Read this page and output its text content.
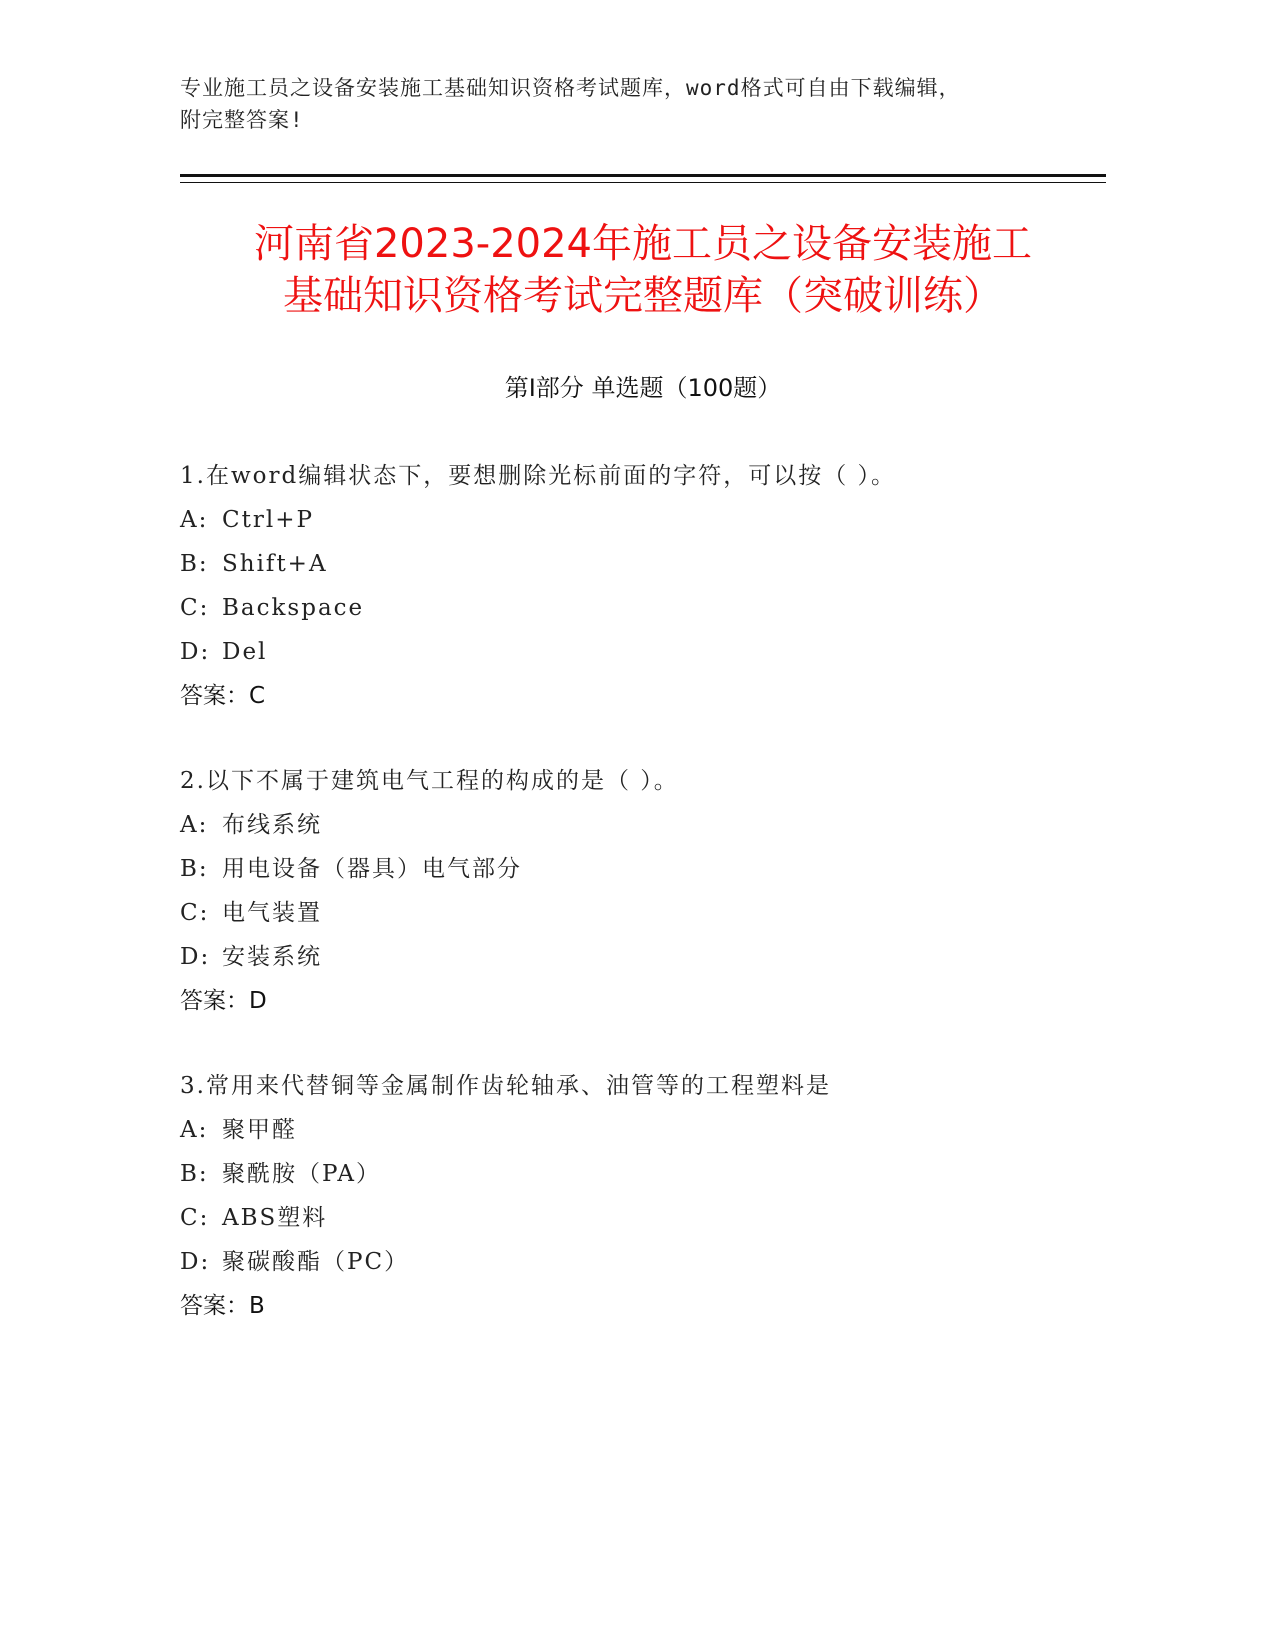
专业施工员之设备安装施工基础知识资格考试题库，word格式可自由下载编辑，
附完整答案!
河南省2023-2024年施工员之设备安装施工
基础知识资格考试完整题库（突破训练）
第Ⅰ部分 单选题（100题）
1.在word编辑状态下，要想删除光标前面的字符，可以按（ ）。
A: Ctrl+P
B: Shift+A
C: Backspace
D: Del
答案：C
2.以下不属于建筑电气工程的构成的是（ ）。
A: 布线系统
B: 用电设备（器具）电气部分
C: 电气装置
D: 安装系统
答案：D
3.常用来代替铜等金属制作齿轮轴承、油管等的工程塑料是
A: 聚甲醛
B: 聚酰胺（PA）
C: ABS塑料
D: 聚碳酸酯（PC）
答案：B
